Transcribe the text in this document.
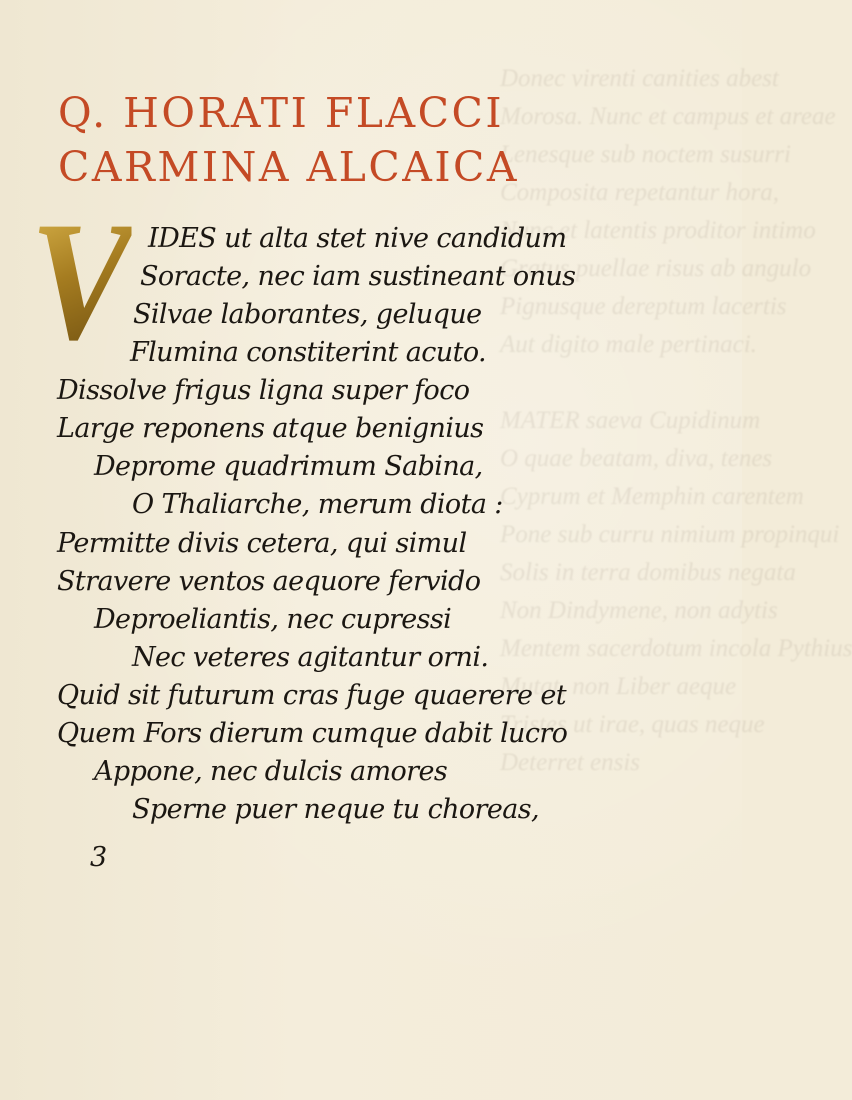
Donec virenti canities abest
Morosa. Nunc et campus et areae
Lenesque sub noctem susurri
Composita repetantur hora,
Nunc et latentis proditor intimo
Gratus puellae risus ab angulo
Pignusque dereptum lacertis
Aut digito male pertinaci.
MATER saeva Cupidinum
O quae beatam, diva, tenes
Cyprum et Memphin carentem
Pone sub curru nimium propinqui
Solis in terra domibus negata
Non Dindymene, non adytis
Mentem sacerdotum incola Pythius
Mutat, non Liber aeque
Tristes ut irae, quas neque
Deterret ensis
Q. HORATI FLACCI
CARMINA ALCAICA
V IDES ut alta stet nive candidum
Soracte, nec iam sustineant onus
Silvae laborantes, geluque
Flumina constiterint acuto.
Dissolve frigus ligna super foco
Large reponens atque benignius
Deprome quadrimum Sabina,
O Thaliarche, merum diota :
Permitte divis cetera, qui simul
Stravere ventos aequore fervido
Deproeliantis, nec cupressi
Nec veteres agitantur orni.
Quid sit futurum cras fuge quaerere et
Quem Fors dierum cumque dabit lucro
Appone, nec dulcis amores
Sperne puer neque tu choreas,
3
